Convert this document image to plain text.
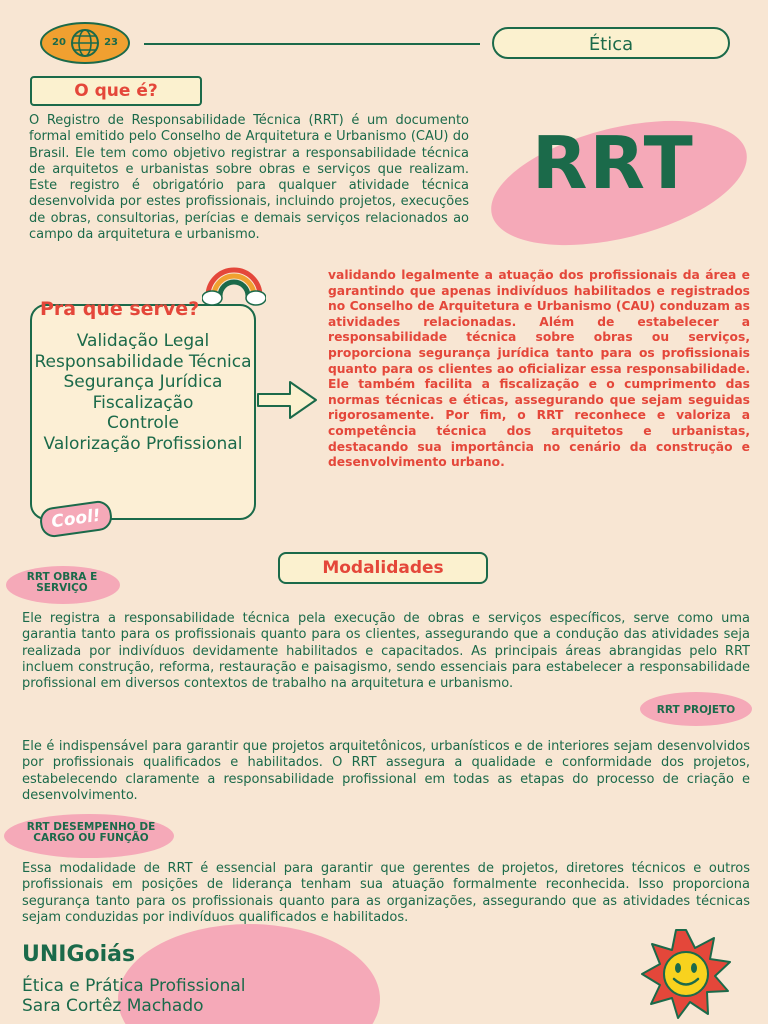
20	23	Ética
O que é?

O Registro de Responsabilidade Técnica (RRT) é um documento formal emitido pelo Conselho de Arquitetura e Urbanismo (CAU) do Brasil. Ele tem como objetivo registrar a responsabilidade técnica de arquitetos e urbanistas sobre obras e serviços que realizam. Este registro é obrigatório para qualquer atividade técnica desenvolvida por estes profissionais, incluindo projetos, execuções de obras, consultorias, perícias e demais serviços relacionados ao campo da arquitetura e urbanismo.

RRT
Pra que serve?
Validação Legal
Responsabilidade Técnica
Segurança Jurídica
Fiscalização
Controle
Valorização Profissional
Cool!

validando legalmente a atuação dos profissionais da área e garantindo que apenas indivíduos habilitados e registrados no Conselho de Arquitetura e Urbanismo (CAU) conduzam as atividades relacionadas. Além de estabelecer a responsabilidade técnica sobre obras ou serviços, proporciona segurança jurídica tanto para os profissionais quanto para os clientes ao oficializar essa responsabilidade. Ele também facilita a fiscalização e o cumprimento das normas técnicas e éticas, assegurando que sejam seguidas rigorosamente. Por fim, o RRT reconhece e valoriza a competência técnica dos arquitetos e urbanistas, destacando sua importância no cenário da construção e desenvolvimento urbano.

Modalidades
RRT OBRA E SERVIÇO

Ele registra a responsabilidade técnica pela execução de obras e serviços específicos, serve como uma garantia tanto para os profissionais quanto para os clientes, assegurando que a condução das atividades seja realizada por indivíduos devidamente habilitados e capacitados. As principais áreas abrangidas pelo RRT incluem construção, reforma, restauração e paisagismo, sendo essenciais para estabelecer a responsabilidade profissional em diversos contextos de trabalho na arquitetura e urbanismo.

RRT PROJETO

Ele é indispensável para garantir que projetos arquitetônicos, urbanísticos e de interiores sejam desenvolvidos por profissionais qualificados e habilitados. O RRT assegura a qualidade e conformidade dos projetos, estabelecendo claramente a responsabilidade profissional em todas as etapas do processo de criação e desenvolvimento.

RRT DESEMPENHO DE CARGO OU FUNÇÃO

Essa modalidade de RRT é essencial para garantir que gerentes de projetos, diretores técnicos e outros profissionais em posições de liderança tenham sua atuação formalmente reconhecida. Isso proporciona segurança tanto para os profissionais quanto para as organizações, assegurando que as atividades técnicas sejam conduzidas por indivíduos qualificados e habilitados.

UNIGoiás
Ética e Prática Profissional
Sara Cortêz Machado
